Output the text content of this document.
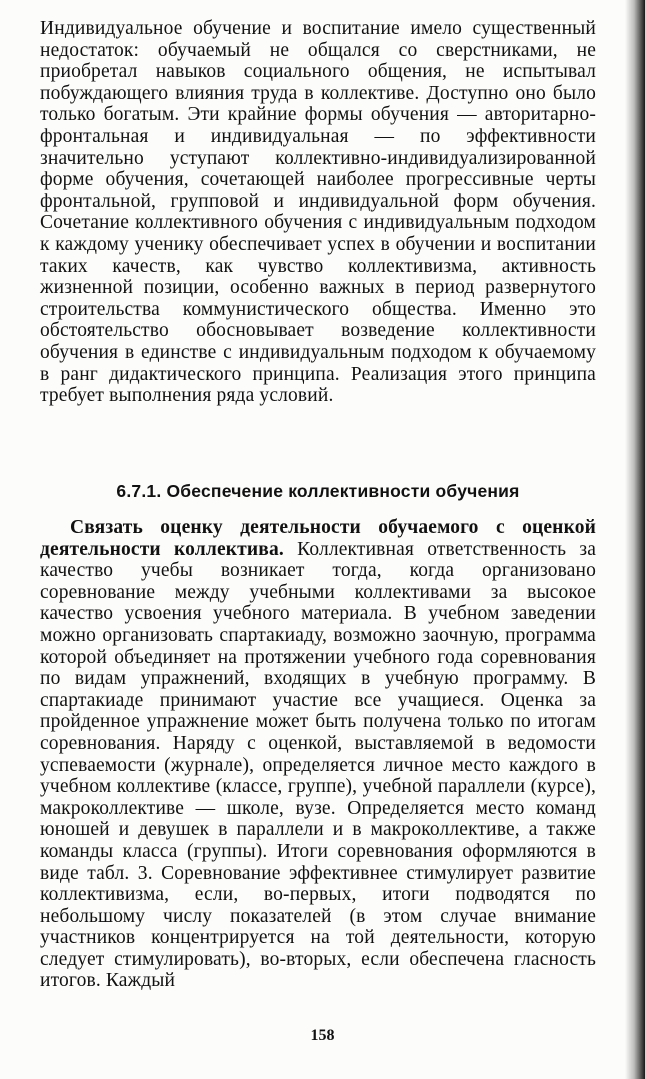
Индивидуальное обучение и воспитание имело существенный недостаток: обучаемый не общался со сверстниками, не приобретал навыков социального общения, не испытывал побуждающего влияния труда в коллективе. Доступно оно было только богатым. Эти крайние формы обучения — авторитарно-фронтальная и индивидуальная — по эффективности значительно уступают коллективно-индивидуализированной форме обучения, сочетающей наиболее прогрессивные черты фронтальной, групповой и индивидуальной форм обучения. Сочетание коллективного обучения с индивидуальным подходом к каждому ученику обеспечивает успех в обучении и воспитании таких качеств, как чувство коллективизма, активность жизненной позиции, особенно важных в период развернутого строительства коммунистического общества. Именно это обстоятельство обосновывает возведение коллективности обучения в единстве с индивидуальным подходом к обучаемому в ранг дидактического принципа. Реализация этого принципа требует выполнения ряда условий.

6.7.1. Обеспечение коллективности обучения

Связать оценку деятельности обучаемого с оценкой деятельности коллектива. Коллективная ответственность за качество учебы возникает тогда, когда организовано соревнование между учебными коллективами за высокое качество усвоения учебного материала. В учебном заведении можно организовать спартакиаду, возможно заочную, программа которой объединяет на протяжении учебного года соревнования по видам упражнений, входящих в учебную программу. В спартакиаде принимают участие все учащиеся. Оценка за пройденное упражнение может быть получена только по итогам соревнования. Наряду с оценкой, выставляемой в ведомости успеваемости (журнале), определяется личное место каждого в учебном коллективе (классе, группе), учебной параллели (курсе), макроколлективе — школе, вузе. Определяется место команд юношей и девушек в параллели и в макроколлективе, а также команды класса (группы). Итоги соревнования оформляются в виде табл. 3. Соревнование эффективнее стимулирует развитие коллективизма, если, во-первых, итоги подводятся по небольшому числу показателей (в этом случае внимание участников концентрируется на той деятельности, которую следует стимулировать), во-вторых, если обеспечена гласность итогов. Каждый

158
